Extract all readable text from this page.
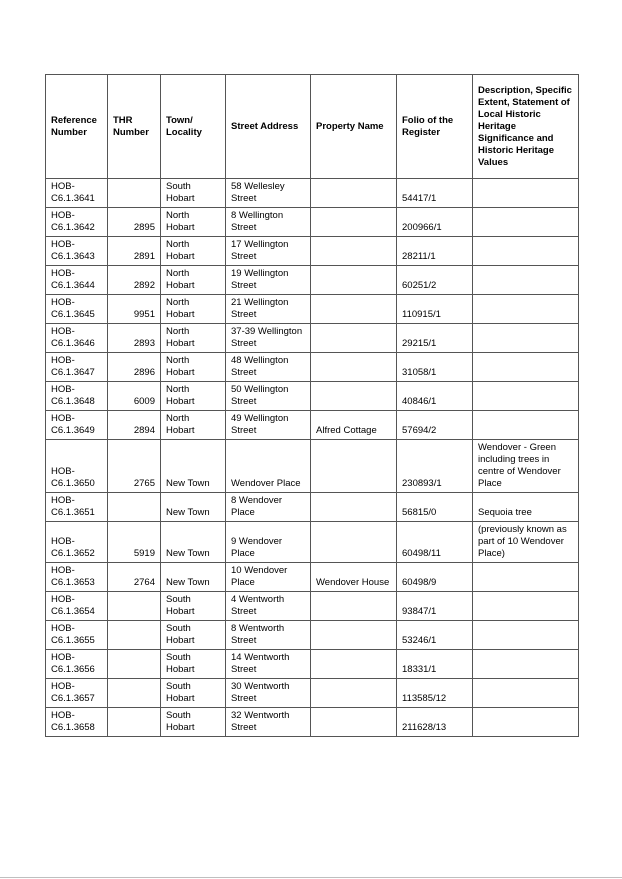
Reference Number	THR Number	Town/ Locality	Street Address	Property Name	Folio of the Register	Description, Specific Extent, Statement of Local Historic Heritage Significance and Historic Heritage Values
HOB-C6.1.3641		South Hobart	58 Wellesley Street		54417/1	
HOB-C6.1.3642	2895	North Hobart	8 Wellington Street		200966/1	
HOB-C6.1.3643	2891	North Hobart	17 Wellington Street		28211/1	
HOB-C6.1.3644	2892	North Hobart	19 Wellington Street		60251/2	
HOB-C6.1.3645	9951	North Hobart	21 Wellington Street		110915/1	
HOB-C6.1.3646	2893	North Hobart	37-39 Wellington Street		29215/1	
HOB-C6.1.3647	2896	North Hobart	48 Wellington Street		31058/1	
HOB-C6.1.3648	6009	North Hobart	50 Wellington Street		40846/1	
HOB-C6.1.3649	2894	North Hobart	49 Wellington Street	Alfred Cottage	57694/2	
HOB-C6.1.3650	2765	New Town	Wendover Place		230893/1	Wendover - Green including trees in centre of Wendover Place
HOB-C6.1.3651		New Town	8 Wendover Place		56815/0	Sequoia tree
HOB-C6.1.3652	5919	New Town	9 Wendover Place		60498/11	(previously known as part of 10 Wendover Place)
HOB-C6.1.3653	2764	New Town	10 Wendover Place	Wendover House	60498/9	
HOB-C6.1.3654		South Hobart	4 Wentworth Street		93847/1	
HOB-C6.1.3655		South Hobart	8 Wentworth Street		53246/1	
HOB-C6.1.3656		South Hobart	14 Wentworth Street		18331/1	
HOB-C6.1.3657		South Hobart	30 Wentworth Street		113585/12	
HOB-C6.1.3658		South Hobart	32 Wentworth Street		211628/13	
